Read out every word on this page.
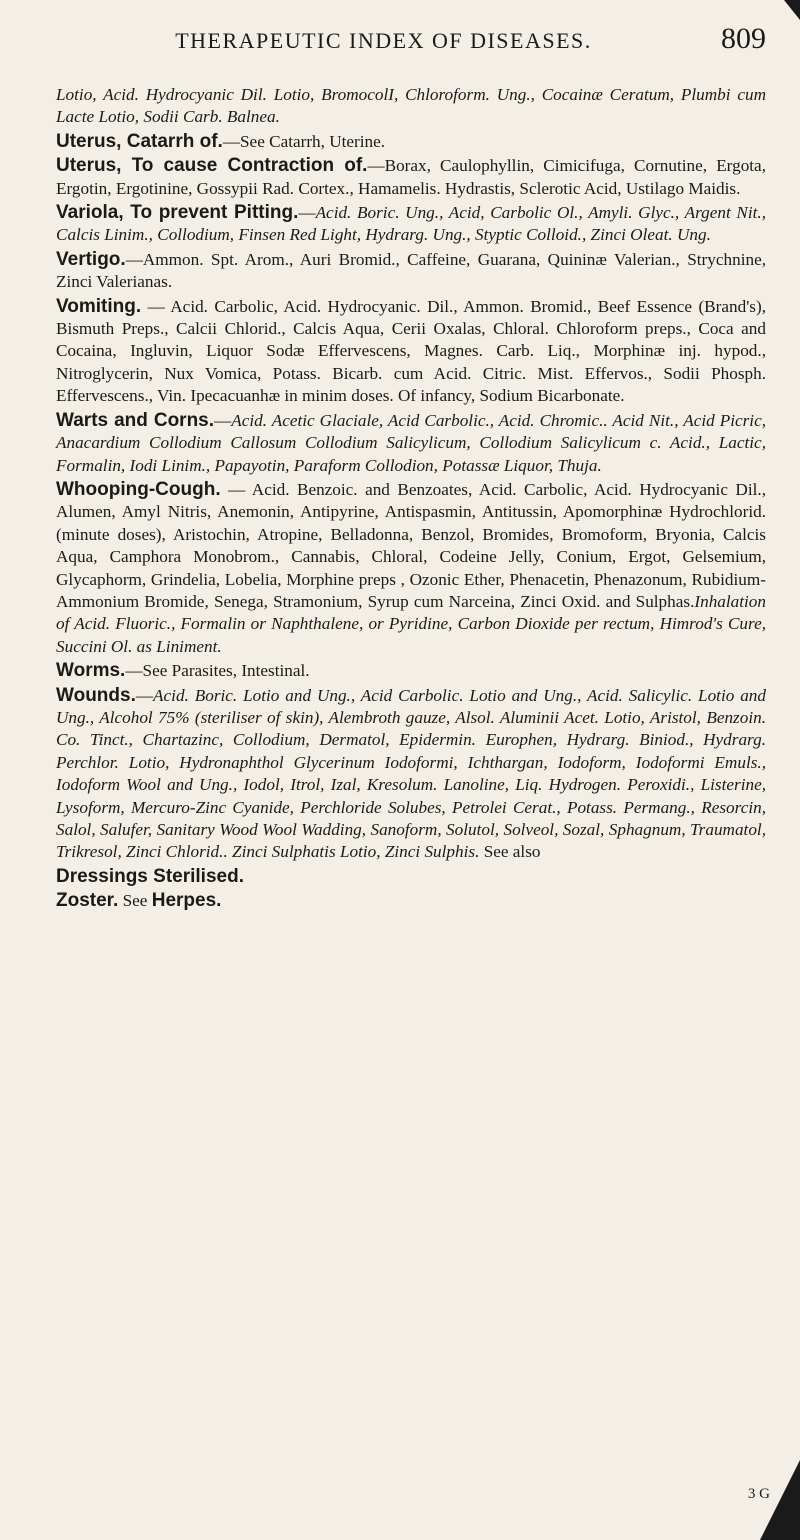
THERAPEUTIC INDEX OF DISEASES.	809

Lotio, Acid. Hydrocyanic Dil. Lotio, BromocolI, Chloroform. Ung., Cocainæ Ceratum, Plumbi cum Lacte Lotio, Sodii Carb. Balnea.

Uterus, Catarrh of.—See Catarrh, Uterine.

Uterus, To cause Contraction of.—Borax, Caulophyllin, Cimicifuga, Cornutine, Ergota, Ergotin, Ergotinine, Gossypii Rad. Cortex., Hamamelis. Hydrastis, Sclerotic Acid, Ustilago Maidis.

Variola, To prevent Pitting.—Acid. Boric. Ung., Acid, Carbolic Ol., Amyli. Glyc., Argent Nit., Calcis Linim., Collodium, Finsen Red Light, Hydrarg. Ung., Styptic Colloid., Zinci Oleat. Ung.

Vertigo.—Ammon. Spt. Arom., Auri Bromid., Caffeine, Guarana, Quininæ Valerian., Strychnine, Zinci Valerianas.

Vomiting. — Acid. Carbolic, Acid. Hydrocyanic. Dil., Ammon. Bromid., Beef Essence (Brand's), Bismuth Preps., Calcii Chlorid., Calcis Aqua, Cerii Oxalas, Chloral. Chloroform preps., Coca and Cocaina, Ingluvin, Liquor Sodæ Effervescens, Magnes. Carb. Liq., Morphinæ inj. hypod., Nitroglycerin, Nux Vomica, Potass. Bicarb. cum Acid. Citric. Mist. Effervos., Sodii Phosph. Effervescens., Vin. Ipecacuanhæ in minim doses. Of infancy, Sodium Bicarbonate.

Warts and Corns.—Acid. Acetic Glaciale, Acid Carbolic., Acid. Chromic.. Acid Nit., Acid Picric, Anacardium Collodium Callosum Collodium Salicylicum, Collodium Salicylicum c. Acid., Lactic, Formalin, Iodi Linim., Papayotin, Paraform Collodion, Potassæ Liquor, Thuja.

Whooping-Cough. — Acid. Benzoic. and Benzoates, Acid. Carbolic, Acid. Hydrocyanic Dil., Alumen, Amyl Nitris, Anemonin, Antipyrine, Antispasmin, Antitussin, Apomorphinæ Hydrochlorid. (minute doses), Aristochin, Atropine, Belladonna, Benzol, Bromides, Bromoform, Bryonia, Calcis Aqua, Camphora Monobrom., Cannabis, Chloral, Codeine Jelly, Conium, Ergot, Gelsemium, Glycaphorm, Grindelia, Lobelia, Morphine preps , Ozonic Ether, Phenacetin, Phenazonum, Rubidium-Ammonium Bromide, Senega, Stramonium, Syrup cum Narceina, Zinci Oxid. and Sulphas.Inhalation of Acid. Fluoric., Formalin or Naphthalene, or Pyridine, Carbon Dioxide per rectum, Himrod's Cure, Succini Ol. as Liniment.

Worms.—See Parasites, Intestinal.

Wounds.—Acid. Boric. Lotio and Ung., Acid Carbolic. Lotio and Ung., Acid. Salicylic. Lotio and Ung., Alcohol 75% (steriliser of skin), Alembroth gauze, Alsol. Aluminii Acet. Lotio, Aristol, Benzoin. Co. Tinct., Chartazinc, Collodium, Dermatol, Epidermin. Europhen, Hydrarg. Biniod., Hydrarg. Perchlor. Lotio, Hydronaphthol Glycerinum Iodoformi, Ichthargan, Iodoform, Iodoformi Emuls., Iodoform Wool and Ung., Iodol, Itrol, Izal, Kresolum. Lanoline, Liq. Hydrogen. Peroxidi., Listerine, Lysoform, Mercuro-Zinc Cyanide, Perchloride Solubes, Petrolei Cerat., Potass. Permang., Resorcin, Salol, Salufer, Sanitary Wood Wool Wadding, Sanoform, Solutol, Solveol, Sozal, Sphagnum, Traumatol, Trikresol, Zinci Chlorid.. Zinci Sulphatis Lotio, Zinci Sulphis. See also

Dressings Sterilised.

Zoster. See Herpes.

3 G
